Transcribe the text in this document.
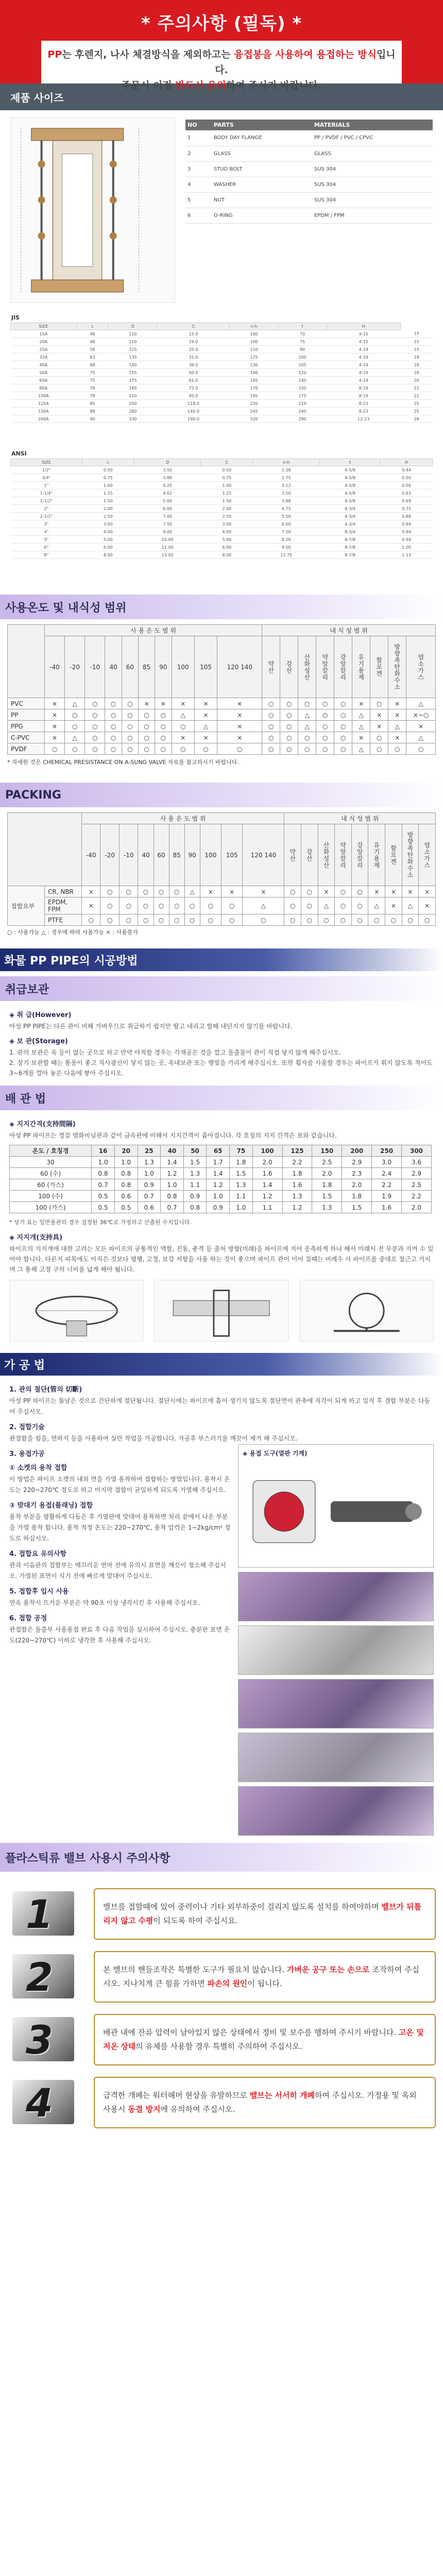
* 주의사항 (필독) *

PP는 후렌지, 나사 체결방식을 제외하고는 융접봉을 사용하여 용접하는 방식입니다.

주문시 이점 반드시 유의하여 주시기 바랍니다.

제품 사이즈
NO	PARTS	MATERIALS
1	BODY DAY FLANGE	PP / PVDF / PVC / CPVC
2	GLASS	GLASS
3	STUD BOLT	SUS 304
4	WASHER	SUS 304
5	NUT	SUS 304
6	O-RING	EPDM / FPM
JIS
SIZE	L	D	C	n-h	t	H	
15A	48	110	15.0	100	70	4-15	15
20A	48	110	19.0	100	75	4-15	15
25A	58	125	25.0	110	90	4-19	15
32A	63	135	31.0	125	100	4-19	18
40A	68	140	38.0	130	105	4-19	18
50A	75	155	50.0	140	120	4-19	18
65A	75	175	61.0	165	140	4-19	20
80A	76	185	73.0	170	150	8-19	22
100A	78	210	95.0	195	175	8-19	22
125A	85	250	118.0	220	210	8-23	25
150A	88	280	140.0	245	240	8-23	25
200A	90	330	190.0	320	290	12-23	28
ANSI
SIZE	L	D	C	n-h	t	H
1/2"	0.50	3.50	0.50	2.38	4-5/8	0.44
3/4"	0.75	3.88	0.75	2.75	4-5/8	0.50
1"	1.00	4.25	1.00	3.12	4-5/8	0.56
1-1/4"	1.25	4.62	1.25	3.50	4-5/8	0.63
1-1/2"	1.50	5.00	1.50	3.88	4-5/8	0.69
2"	2.00	6.00	2.00	4.75	4-3/4	0.75
2-1/2"	2.50	7.00	2.50	5.50	4-3/4	0.88
3"	3.00	7.50	3.00	6.00	4-3/4	0.94
4"	4.00	9.00	4.00	7.50	8-3/4	0.94
5"	5.00	10.00	5.00	8.50	8-7/8	0.94
6"	6.00	11.00	6.00	9.50	8-7/8	1.00
8"	8.00	13.50	8.00	11.75	8-7/8	1.13
사용온도 및 내식성 범위
	사 용 온 도 범 위										내 식 성 범 위								
	-40	-20	-10	40	60	85	90	100	105	120 140	약산	강산	산화성산	약알칼리	강알칼리	유기용제	할로겐	방향족탄화수소	염소가스
PVC	×	△	○	○	○	×	×	×	×	×	○	○	○	○	○	×	○	×	△
PP	×	○	○	○	○	○	○	△	×	×	○	○	△	○	○	△	×	×	×~○
PPG	×	○	○	○	○	○	○	○	△	×	○	○	△	○	○	△	×	△	×
C-PVC	×	△	○	○	○	○	○	×	×	×	○	○	○	○	○	×	○	×	△
PVDF	○	○	○	○	○	○	○	○	○	○	○	○	○	○	○	△	○	○	○
* 자세한 것은 CHEMICAL PRESISTANCE ON A-SUNG VALVE 자료를 참고하시기 바랍니다.
PACKING
		사 용 온 도 범 위										내 식 성 범 위								
		-40	-20	-10	40	60	85	90	100	105	120 140	약산	강산	산화성산	약알칼리	강알칼리	유기용제	할로겐	방향족탄화수소	염소가스
접합요부	CR, NBR	×	○	○	○	○	○	△	×	×	×	○	○	×	○	○	×	×	×	×
	EPDM, FPM	×	○	○	○	○	○	○	○	○	△	○	○	△	○	○	△	×	△	×
	PTFE	○	○	○	○	○	○	○	○	○	○	○	○	○	○	○	○	○	○	○
○ : 사용가능 △ : 경우에 따라 사용가능 × : 사용불가
화물 PP PIPE의 시공방법
취급보관
◈ 취 급(However)

아성 PP PIPE는 다른 관이 비해 가벼우므로 취급하기 쉽지만 땅고 내리고 할때 내던지지 않기를 바랍니다.

◈ 보 관(Storage)

1. 관의 보관은 옥 등이 없는 곳으로 하고 만약 야적할 경우는 각재공은 것을 깔고 돌출물이 관이 직접 닿지 않게 해주십시오.

2. 장기 보관할 때는 통풍이 좋고 직사광선이 닿지 않는 곳, 옥내보관 또는 햇빛을 가리게 해주십시오. 또한 휨자를 사용할 경우는 파이프가 휘지 않도록 적어도 3~6개를 깔아 놓은 다음에 쌓아 주십시오.

배 관 법
◈ 지지간격(支持間隔)

아성 PP 파이프는 경질 염화비닐관과 같이 금속관에 비해서 지지간격이 좁아집니다. 각 호칭의 지지 간격은 표와 같습니다.

온도 / 호칭경	16	20	25	40	50	65	75	100	125	150	200	250	300
30	1.0	1.0	1.3	1.4	1.5	1.7	1.8	2.0	2.2	2.5	2.9	3.0	3.6
60 (수)	0.8	0.8	1.0	1.2	1.3	1.4	1.5	1.6	1.8	2.0	2.3	2.4	2.9
60 (가스)	0.7	0.8	0.9	1.0	1.1	1.2	1.3	1.4	1.6	1.8	2.0	2.2	2.5
100 (수)	0.5	0.6	0.7	0.8	0.9	1.0	1.1	1.2	1.3	1.5	1.8	1.9	2.2
100 (가스)	0.5	0.5	0.6	0.7	0.8	0.9	1.0	1.1	1.2	1.3	1.5	1.6	2.0

* 상기 표는 일반용관의 경우 설정된 36℃로 가정하고 산출된 수치입니다.

◈ 지지개(支持具)

파이프의 지지개에 대한 고려는 모든 파이프의 공통적인 역할, 진동, 충격 등 출처 방향(미래)을 파이프에 지어 응측하게 하나 해서 미래서 전 무분과 지켜 수 있어야 합니다. 다른지 피복에도 아직은 것보다 평행, 고정, 보강 저항을 사용 하는 것이 좋으며 파이프 관이 이어 질때는 비례수 사 파이프를 중대로 철근고 가지며 그 통해 고정 구의 너비를 넓게 해야 됩니다.

가 공 법
1. 관의 절단(管의 切斷)

아성 PP 파이프는 톱날은 것으로 간단하게 절단됩니다. 절단시에는 파이프에 흠이 생기지 않도록 절단면이 관축에 직각이 되게 하고 일직 후 결합 부분은 다듬어 주십시오.

2. 접합기술

관접합을 힘을, 연하지 등을 사용하여 실란 작업을 가공합니다. 가공후 부스러기를 깨끗이 제거 해 주십시오.

3. 용접가공
① 소켓의 용착 접합

이 방법은 파이프 소켓의 내외 면을 가열 용착하여 접합하는 방법입니다. 용착시 온도는 220~270℃ 정도로 하고 미지막 접합이 균일하게 되도록 가열해 주십시오.

② 맞대기 용접(플래닝) 접합

용착 부분을 평활하게 다듬은 후 가열판에 맞대어 용착하면 처리 끝에서 나온 부분을 가열 용착 합니다. 용착 적정 온도는 220~270℃, 용착 압력은 1~2kg/cm² 정도로 하십시오.

4. 접합요 유의사항

관과 이음관의 접합부는 매끄러운 연마 전에 유의시 표면을 깨끗이 청소해 주십시오. 가열된 표면이 식기 전에 빠르게 맞대어 주십시오.

5. 접합후 입시 사용

연속 용착시 뜨거운 부분은 약 90초 이상 냉각시킨 후 사용해 주십시오.

6. 접합 공정

관접합은 돌출부 사용용접 완료 후 다음 작업을 실시하여 주십시오. 충분한 표면 온도(220~270℃) 이하로 냉각한 후 사용해 주십시오.

◈ 용접 도구(열판 기계)
플라스틱류 밸브 사용시 주의사항
1	밸브를 접할때에 있어 중력이나 기타 외부하중이 걸리지 않도록 설치를 하여야하며 밸브가 뒤틀리지 않고 수평이 되도록 하여 주십시요.

2	본 밸브의 핸들조작은 특별한 도구가 필요치 않습니다. 가벼운 공구 또는 손으로 조작하여 주십시오. 지나치게 큰 힘을 가하면 파손의 원인이 됩니다.

3	배관 내에 잔류 압력이 남아있지 않은 상태에서 정비 및 보수를 행하여 주시기 바랍니다. 고온 및 저온 상태의 유체를 사용할 경우 특별히 주의하여 주십시오.

4	급격한 개폐는 워터해머 현상을 유발하므로 밸브는 서서히 개폐하여 주십시오. 가정용 및 옥외 사용시 동결 방지에 유의하여 주십시오.
